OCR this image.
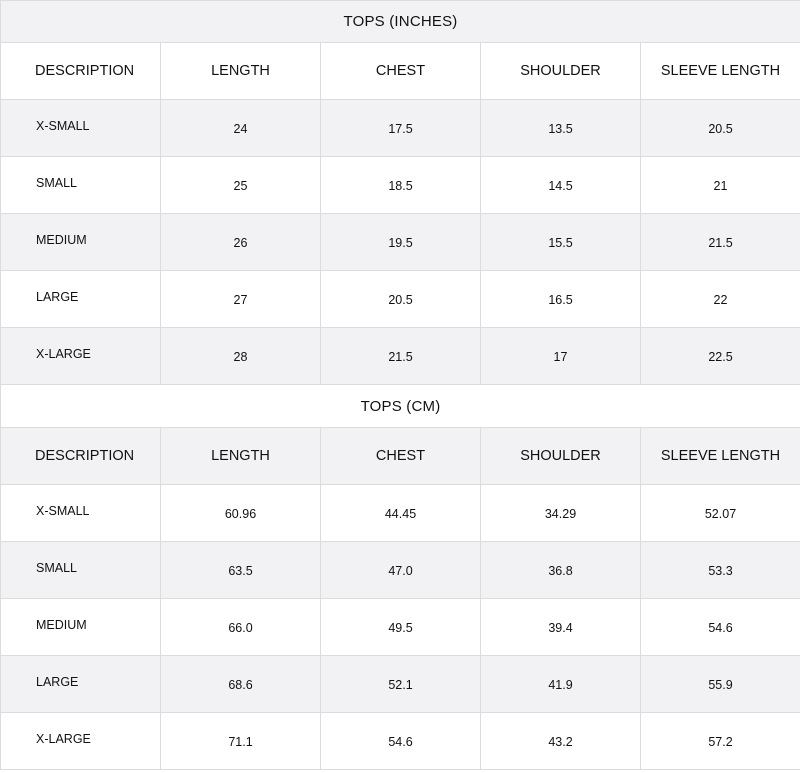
TOPS (INCHES)				
DESCRIPTION	LENGTH	CHEST	SHOULDER	SLEEVE LENGTH
X-SMALL	24	17.5	13.5	20.5
SMALL	25	18.5	14.5	21
MEDIUM	26	19.5	15.5	21.5
LARGE	27	20.5	16.5	22
X-LARGE	28	21.5	17	22.5
TOPS (CM)				
DESCRIPTION	LENGTH	CHEST	SHOULDER	SLEEVE LENGTH
X-SMALL	60.96	44.45	34.29	52.07
SMALL	63.5	47.0	36.8	53.3
MEDIUM	66.0	49.5	39.4	54.6
LARGE	68.6	52.1	41.9	55.9
X-LARGE	71.1	54.6	43.2	57.2
